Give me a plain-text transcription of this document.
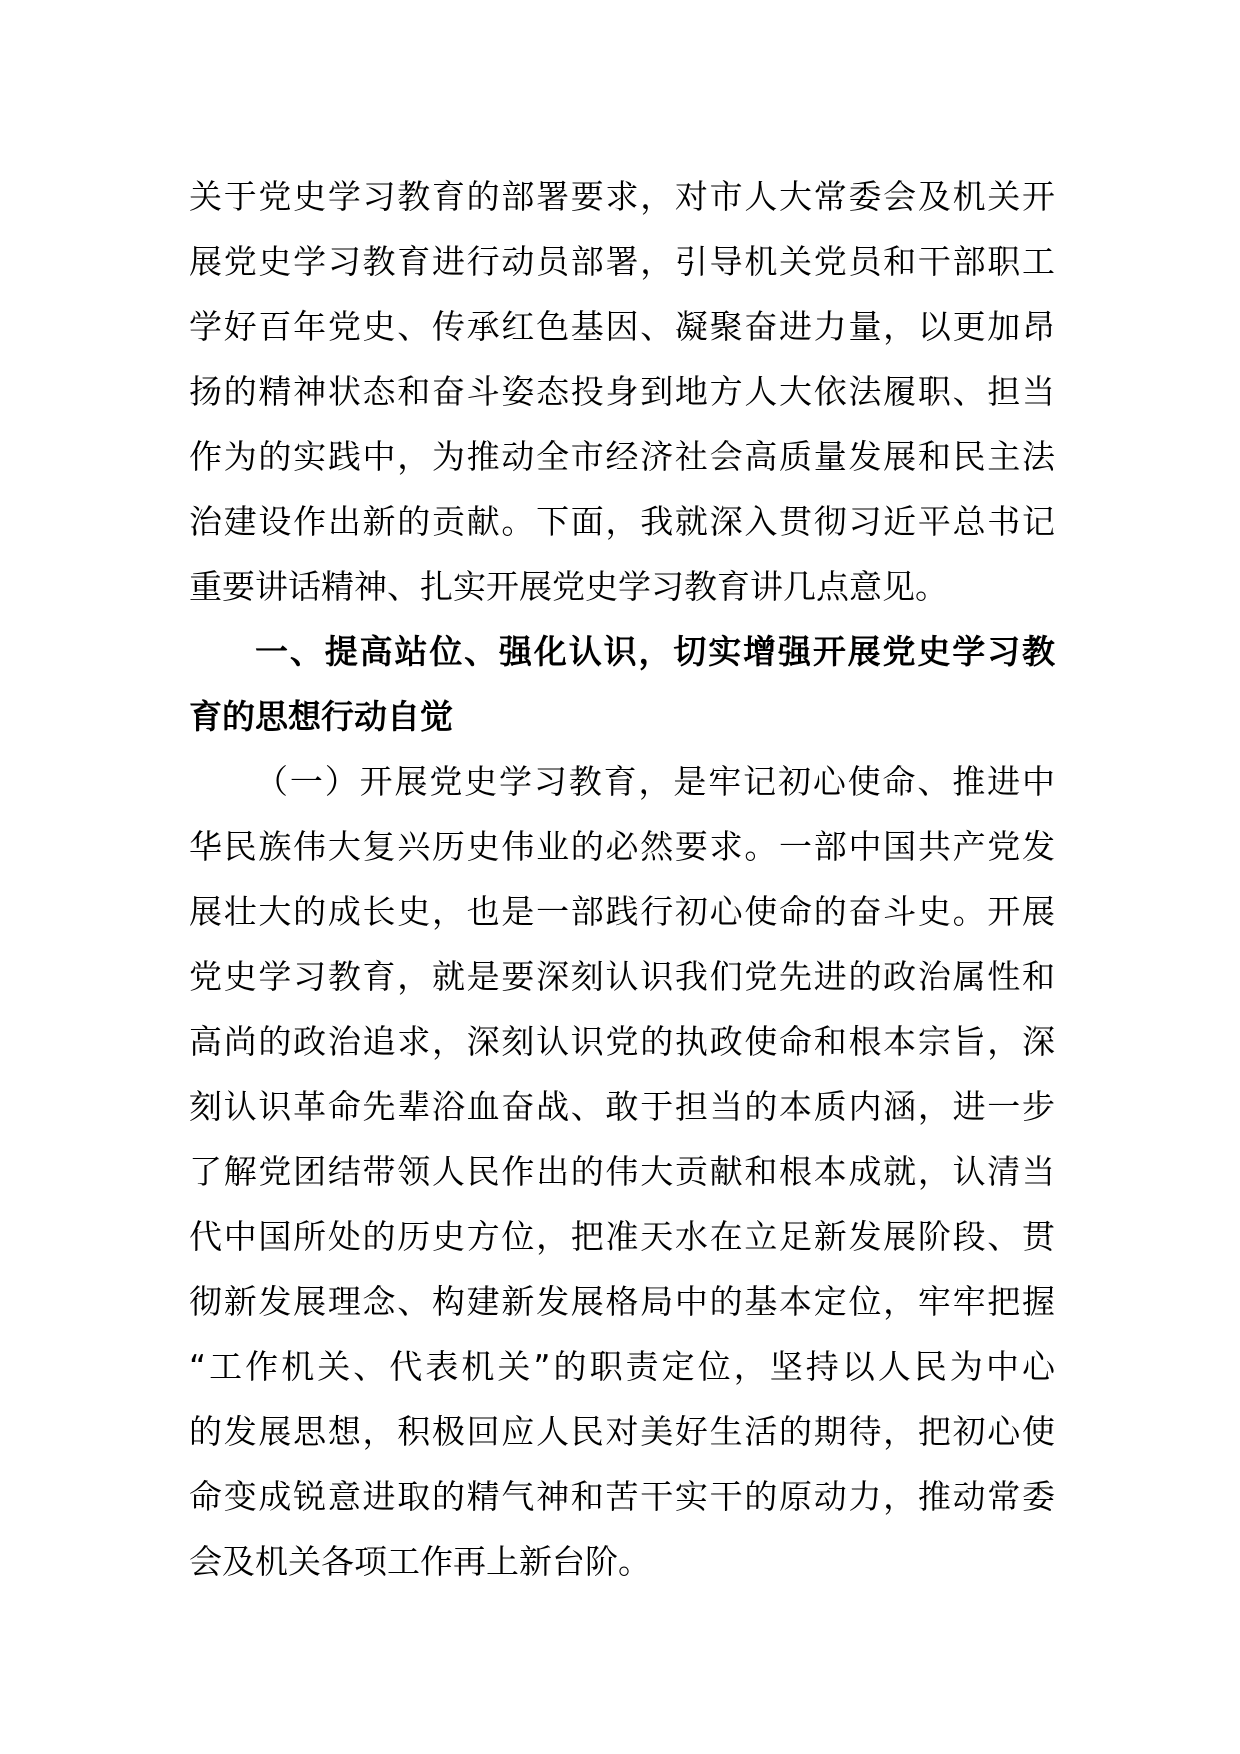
关于党史学习教育的部署要求，对市人大常委会及机关开
展党史学习教育进行动员部署，引导机关党员和干部职工
学好百年党史、传承红色基因、凝聚奋进力量，以更加昂
扬的精神状态和奋斗姿态投身到地方人大依法履职、担当
作为的实践中，为推动全市经济社会高质量发展和民主法
治建设作出新的贡献。下面，我就深入贯彻习近平总书记
重要讲话精神、扎实开展党史学习教育讲几点意见。
一、提高站位、强化认识，切实增强开展党史学习教
育的思想行动自觉
（一）开展党史学习教育，是牢记初心使命、推进中
华民族伟大复兴历史伟业的必然要求。一部中国共产党发
展壮大的成长史，也是一部践行初心使命的奋斗史。开展
党史学习教育，就是要深刻认识我们党先进的政治属性和
高尚的政治追求，深刻认识党的执政使命和根本宗旨，深
刻认识革命先辈浴血奋战、敢于担当的本质内涵，进一步
了解党团结带领人民作出的伟大贡献和根本成就，认清当
代中国所处的历史方位，把准天水在立足新发展阶段、贯
彻新发展理念、构建新发展格局中的基本定位，牢牢把握
“工作机关、代表机关”的职责定位，坚持以人民为中心
的发展思想，积极回应人民对美好生活的期待，把初心使
命变成锐意进取的精气神和苦干实干的原动力，推动常委
会及机关各项工作再上新台阶。
